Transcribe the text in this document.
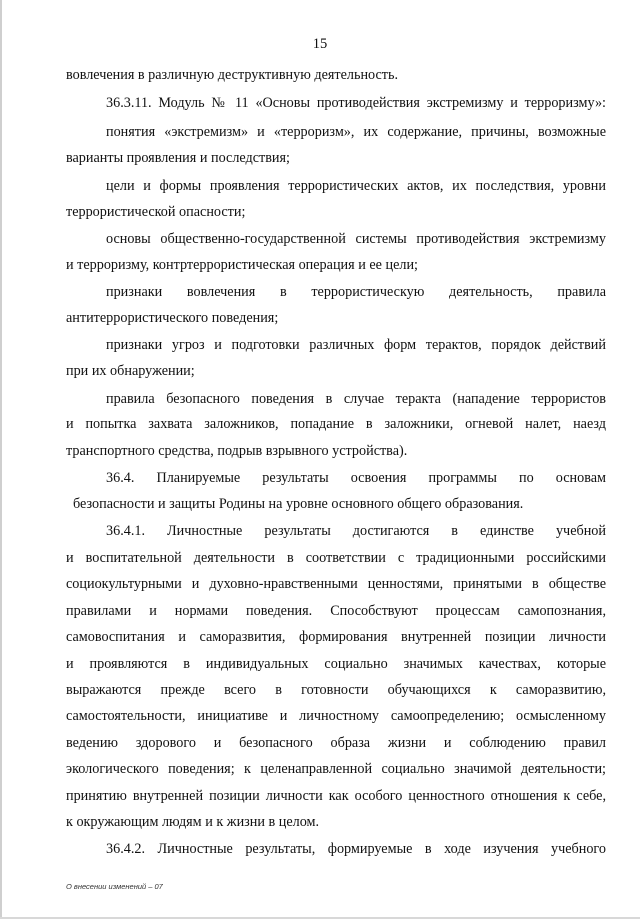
15
вовлечения в различную деструктивную деятельность.
36.3.11. Модуль № 11 «Основы противодействия экстремизму и терроризму»:
понятия «экстремизм» и «терроризм», их содержание, причины, возможные
варианты проявления и последствия;
цели и формы проявления террористических актов, их последствия, уровни
террористической опасности;
основы общественно-государственной системы противодействия экстремизму
и терроризму, контртеррористическая операция и ее цели;
признаки вовлечения в террористическую деятельность, правила
антитеррористического поведения;
признаки угроз и подготовки различных форм терактов, порядок действий
при их обнаружении;
правила безопасного поведения в случае теракта (нападение террористов
и попытка захвата заложников, попадание в заложники, огневой налет, наезд
транспортного средства, подрыв взрывного устройства).
36.4. Планируемые результаты освоения программы по основам
безопасности и защиты Родины на уровне основного общего образования.
36.4.1. Личностные результаты достигаются в единстве учебной
и воспитательной деятельности в соответствии с традиционными российскими
социокультурными и духовно-нравственными ценностями, принятыми в обществе
правилами и нормами поведения. Способствуют процессам самопознания,
самовоспитания и саморазвития, формирования внутренней позиции личности
и проявляются в индивидуальных социально значимых качествах, которые
выражаются прежде всего в готовности обучающихся к саморазвитию,
самостоятельности, инициативе и личностному самоопределению; осмысленному
ведению здорового и безопасного образа жизни и соблюдению правил
экологического поведения; к целенаправленной социально значимой деятельности;
принятию внутренней позиции личности как особого ценностного отношения к себе,
к окружающим людям и к жизни в целом.
36.4.2. Личностные результаты, формируемые в ходе изучения учебного
О внесении изменений – 07
